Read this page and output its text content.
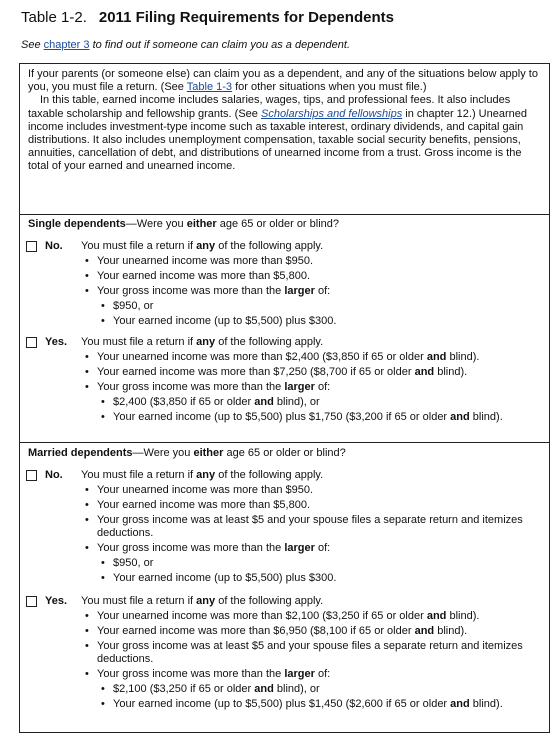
Table 1-2. 2011 Filing Requirements for Dependents
See chapter 3 to find out if someone can claim you as a dependent.

If your parents (or someone else) can claim you as a dependent, and any of the situations below apply to you, you must file a return. (See Table 1-3 for other situations when you must file.)

In this table, earned income includes salaries, wages, tips, and professional fees. It also includes taxable scholarship and fellowship grants. (See Scholarships and fellowships in chapter 12.) Unearned income includes investment-type income such as taxable interest, ordinary dividends, and capital gain distributions. It also includes unemployment compensation, taxable social security benefits, pensions, annuities, cancellation of debt, and distributions of unearned income from a trust. Gross income is the total of your earned and unearned income.

Single dependents—Were you either age 65 or older or blind?
No. You must file a return if any of the following apply.
• Your unearned income was more than $950.
• Your earned income was more than $5,800.
• Your gross income was more than the larger of:
• $950, or
• Your earned income (up to $5,500) plus $300.
Yes. You must file a return if any of the following apply.
• Your unearned income was more than $2,400 ($3,850 if 65 or older and blind).
• Your earned income was more than $7,250 ($8,700 if 65 or older and blind).
• Your gross income was more than the larger of:
• $2,400 ($3,850 if 65 or older and blind), or
• Your earned income (up to $5,500) plus $1,750 ($3,200 if 65 or older and blind).
Married dependents—Were you either age 65 or older or blind?
No. You must file a return if any of the following apply.
• Your unearned income was more than $950.
• Your earned income was more than $5,800.
• Your gross income was at least $5 and your spouse files a separate return and itemizes deductions.
• Your gross income was more than the larger of:
• $950, or
• Your earned income (up to $5,500) plus $300.
Yes. You must file a return if any of the following apply.
• Your unearned income was more than $2,100 ($3,250 if 65 or older and blind).
• Your earned income was more than $6,950 ($8,100 if 65 or older and blind).
• Your gross income was at least $5 and your spouse files a separate return and itemizes deductions.
• Your gross income was more than the larger of:
• $2,100 ($3,250 if 65 or older and blind), or
• Your earned income (up to $5,500) plus $1,450 ($2,600 if 65 or older and blind).
